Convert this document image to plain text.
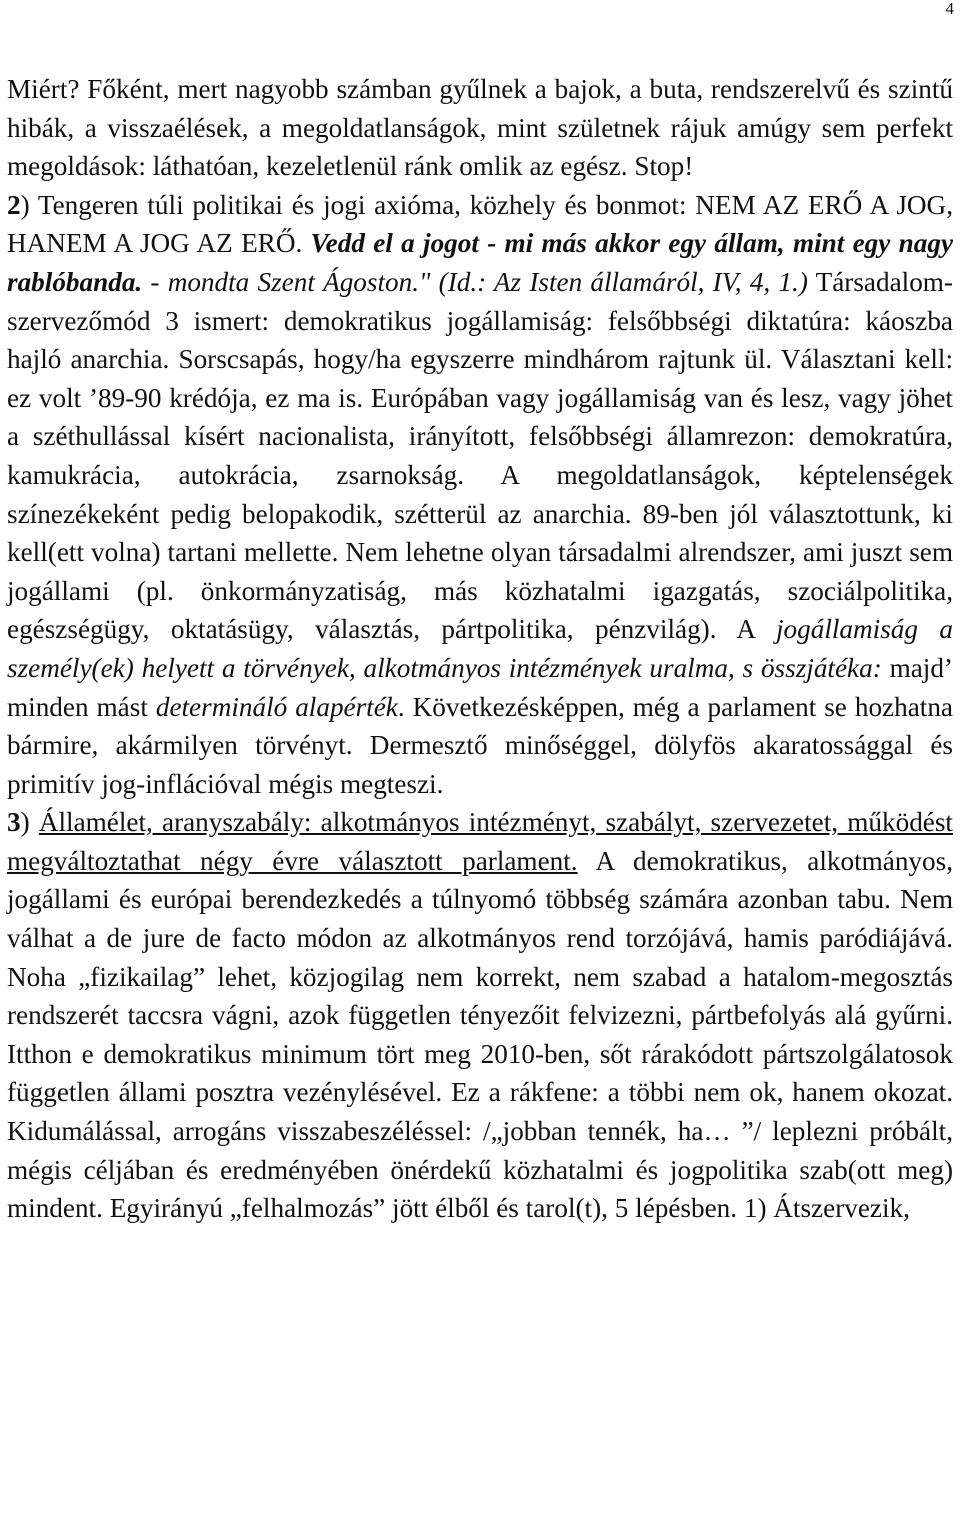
4

Miért? Főként, mert nagyobb számban gyűlnek a bajok, a buta, rendszerelvű és szintű hibák, a visszaélések, a megoldatlanságok, mint születnek rájuk amúgy sem perfekt megoldások: láthatóan, kezeletlenül ránk omlik az egész. Stop!

2) Tengeren túli politikai és jogi axióma, közhely és bonmot: NEM AZ ERŐ A JOG, HANEM A JOG AZ ERŐ. Vedd el a jogot - mi más akkor egy állam, mint egy nagy rablóbanda. - mondta Szent Ágoston." (Id.: Az Isten államáról, IV, 4, 1.) Társadalom-szervezőmód 3 ismert: demokratikus jogállamiság: felsőbbségi diktatúra: káoszba hajló anarchia. Sorscsapás, hogy/ha egyszerre mindhárom rajtunk ül. Választani kell: ez volt ’89-90 krédója, ez ma is. Európában vagy jogállamiság van és lesz, vagy jöhet a széthullással kísért nacionalista, irányított, felsőbbségi államrezon: demokratúra, kamukrácia, autokrácia, zsarnokság. A megoldatlanságok, képtelenségek színezékeként pedig belopakodik, szétterül az anarchia. 89-ben jól választottunk, ki kell(ett volna) tartani mellette. Nem lehetne olyan társadalmi alrendszer, ami juszt sem jogállami (pl. önkormányzatiság, más közhatalmi igazgatás, szociálpolitika, egészségügy, oktatásügy, választás, pártpolitika, pénzvilág). A jogállamiság a személy(ek) helyett a törvények, alkotmányos intézmények uralma, s összjátéka: majd’ minden mást determináló alapérték. Következésképpen, még a parlament se hozhatna bármire, akármilyen törvényt. Dermesztő minőséggel, dölyfös akaratossággal és primitív jog-inflációval mégis megteszi.

3) Államélet, aranyszabály: alkotmányos intézményt, szabályt, szervezetet, működést megváltoztathat négy évre választott parlament. A demokratikus, alkotmányos, jogállami és európai berendezkedés a túlnyomó többség számára azonban tabu. Nem válhat a de jure de facto módon az alkotmányos rend torzójává, hamis paródiájává. Noha „fizikailag” lehet, közjogilag nem korrekt, nem szabad a hatalom-megosztás rendszerét taccsra vágni, azok független tényezőit felvizezni, pártbefolyás alá gyűrni. Itthon e demokratikus minimum tört meg 2010-ben, sőt rárakódott pártszolgálatosok független állami posztra vezénylésével. Ez a rákfene: a többi nem ok, hanem okozat. Kidumálással, arrogáns visszabeszéléssel: /„jobban tennék, ha… ”/ leplezni próbált, mégis céljában és eredményében önérdekű közhatalmi és jogpolitika szab(ott meg) mindent. Egyirányú „felhalmozás” jött élből és tarol(t), 5 lépésben. 1) Átszervezik,
